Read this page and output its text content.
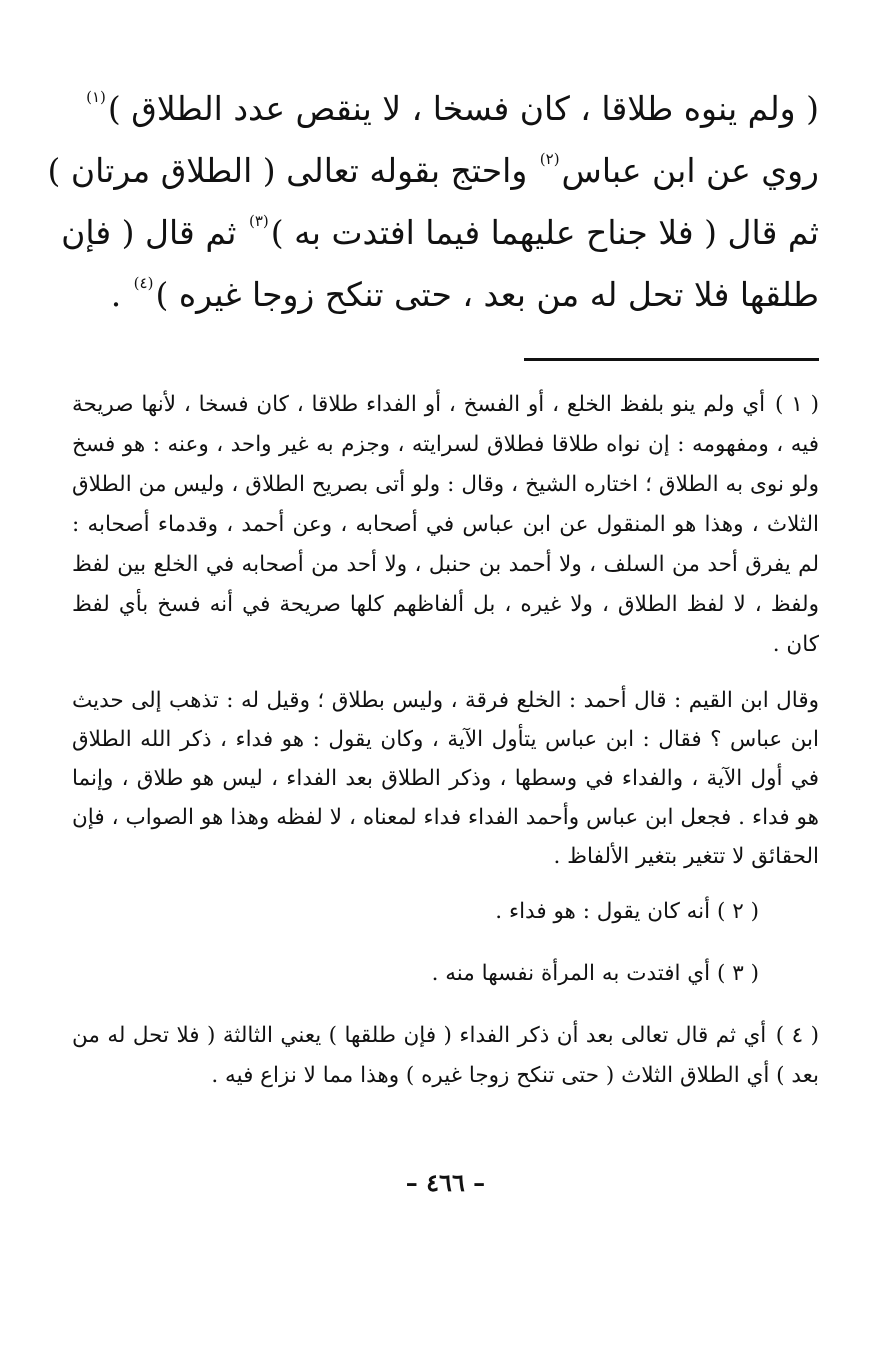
( ولم ينوه طلاقا ، كان فسخا ، لا ينقص عدد الطلاق )$^{(١)}$
روي عن ابن عباس$^{(٢)}$ واحتج بقوله تعالى ( الطلاق مرتان )
ثم قال ( فلا جناح عليهما فيما افتدت به )$^{(٣)}$ ثم قال ( فإن
طلقها فلا تحل له من بعد ، حتى تنكح زوجا غيره )$^{(٤)}$ .

( ١ ) أي ولم ينو بلفظ الخلع ، أو الفسخ ، أو الفداء طلاقا ، كان فسخا ، لأنها صريحة فيه ، ومفهومه : إن نواه طلاقا فطلاق لسرايته ، وجزم به غير واحد ، وعنه : هو فسخ ولو نوى به الطلاق ؛ اختاره الشيخ ، وقال : ولو أتى بصريح الطلاق ، وليس من الطلاق الثلاث ، وهذا هو المنقول عن ابن عباس في أصحابه ، وعن أحمد ، وقدماء أصحابه : لم يفرق أحد من السلف ، ولا أحمد بن حنبل ، ولا أحد من أصحابه في الخلع بين لفظ ولفظ ، لا لفظ الطلاق ، ولا غيره ، بل ألفاظهم كلها صريحة في أنه فسخ بأي لفظ كان .

وقال ابن القيم : قال أحمد : الخلع فرقة ، وليس بطلاق ؛ وقيل له : تذهب إلى حديث ابن عباس ؟ فقال : ابن عباس يتأول الآية ، وكان يقول : هو فداء ، ذكر الله الطلاق في أول الآية ، والفداء في وسطها ، وذكر الطلاق بعد الفداء ، ليس هو طلاق ، وإنما هو فداء . فجعل ابن عباس وأحمد الفداء فداء لمعناه ، لا لفظه وهذا هو الصواب ، فإن الحقائق لا تتغير بتغير الألفاظ .

( ٢ ) أنه كان يقول : هو فداء .

( ٣ ) أي افتدت به المرأة نفسها منه .

( ٤ ) أي ثم قال تعالى بعد أن ذكر الفداء ( فإن طلقها ) يعني الثالثة ( فلا تحل له من بعد ) أي الطلاق الثلاث ( حتى تنكح زوجا غيره ) وهذا مما لا نزاع فيه .

– ٤٦٦ –
